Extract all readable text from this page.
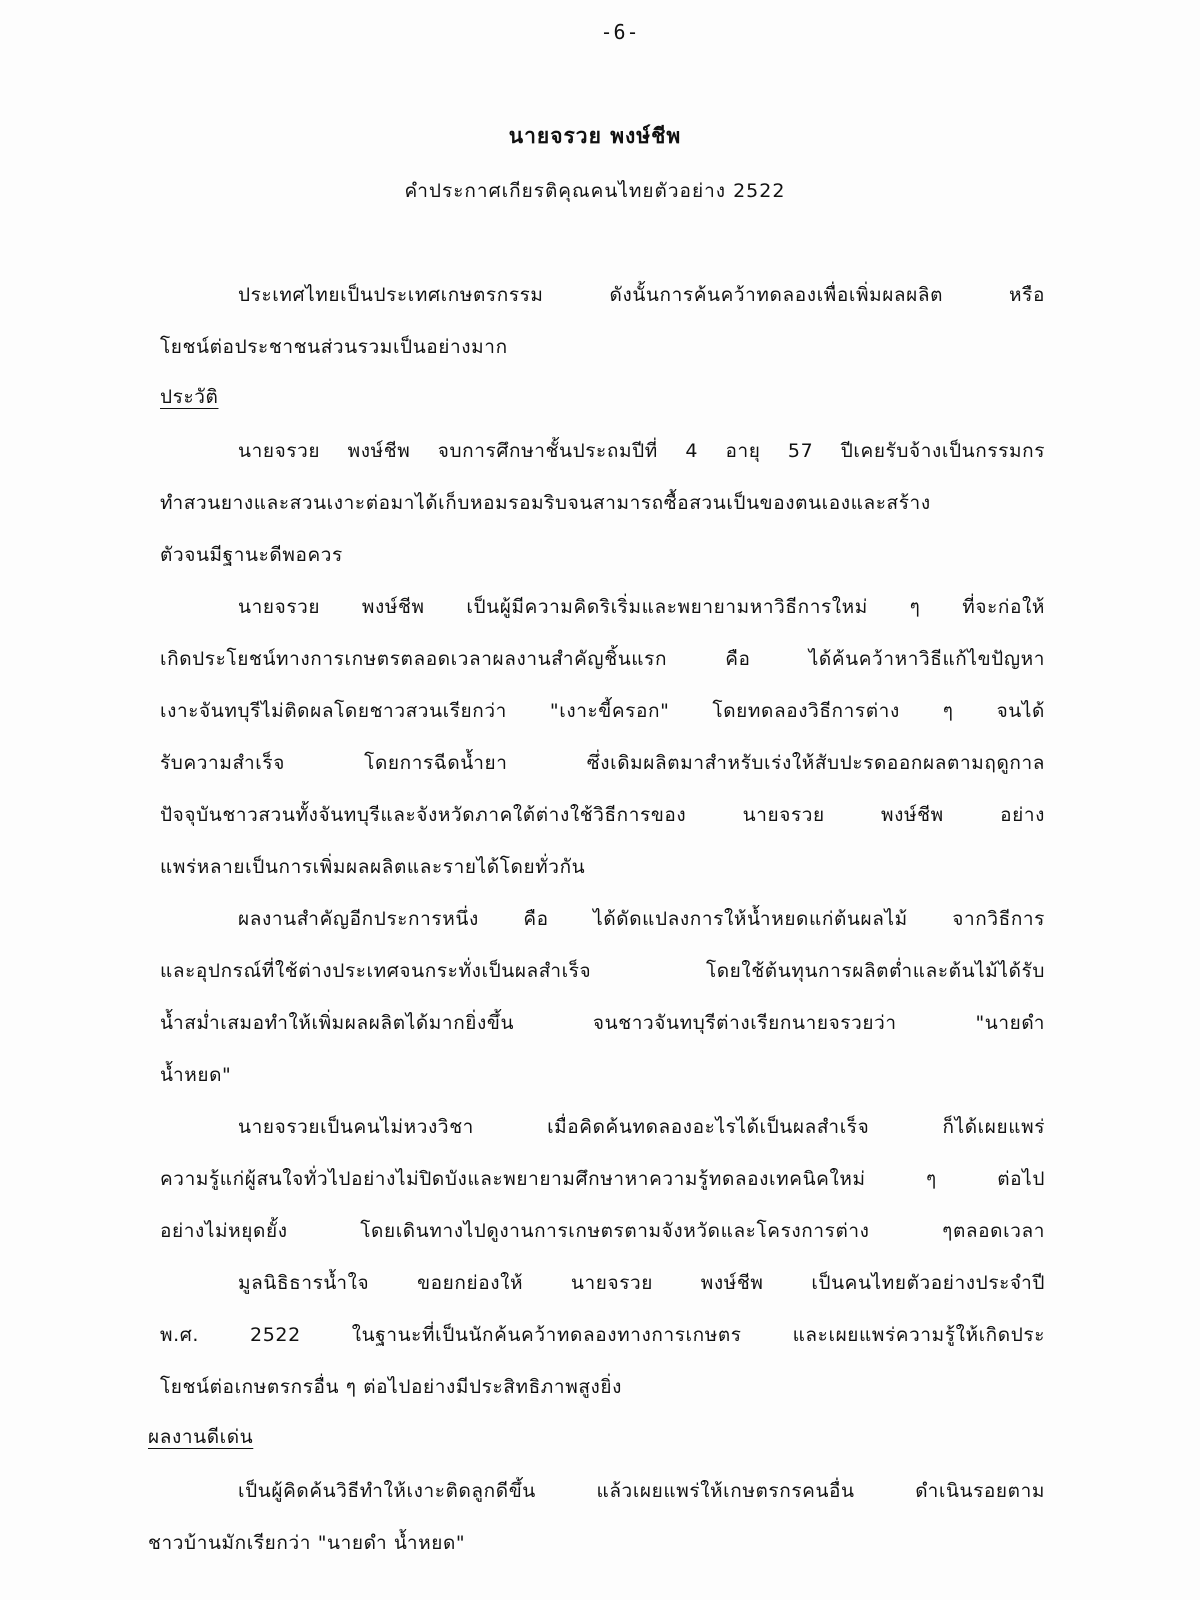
-6-
นายจรวย พงษ์ชีพ
คำประกาศเกียรติคุณคนไทยตัวอย่าง 2522
ประเทศไทยเป็นประเทศเกษตรกรรม ดังนั้นการค้นคว้าทดลองเพื่อเพิ่มผลผลิต หรือ
โยชน์ต่อประชาชนส่วนรวมเป็นอย่างมาก
ประวัติ
นายจรวย พงษ์ชีพ จบการศึกษาชั้นประถมปีที่ 4 อายุ 57 ปีเคยรับจ้างเป็นกรรมกร
ทำสวนยางและสวนเงาะต่อมาได้เก็บหอมรอมริบจนสามารถซื้อสวนเป็นของตนเองและสร้าง
ตัวจนมีฐานะดีพอควร
นายจรวย พงษ์ชีพ เป็นผู้มีความคิดริเริ่มและพยายามหาวิธีการใหม่ ๆ ที่จะก่อให้
เกิดประโยชน์ทางการเกษตรตลอดเวลาผลงานสำคัญชิ้นแรก คือ ได้ค้นคว้าหาวิธีแก้ไขปัญหา
เงาะจันทบุรีไม่ติดผลโดยชาวสวนเรียกว่า "เงาะขี้ครอก" โดยทดลองวิธีการต่าง ๆ จนได้
รับความสำเร็จ โดยการฉีดน้ำยา ซึ่งเดิมผลิตมาสำหรับเร่งให้สับปะรดออกผลตามฤดูกาล
ปัจจุบันชาวสวนทั้งจันทบุรีและจังหวัดภาคใต้ต่างใช้วิธีการของ นายจรวย พงษ์ชีพ อย่าง
แพร่หลายเป็นการเพิ่มผลผลิตและรายได้โดยทั่วกัน
ผลงานสำคัญอีกประการหนึ่ง คือ ได้ดัดแปลงการให้น้ำหยดแก่ต้นผลไม้ จากวิธีการ
และอุปกรณ์ที่ใช้ต่างประเทศจนกระทั่งเป็นผลสำเร็จ โดยใช้ต้นทุนการผลิตต่ำและต้นไม้ได้รับ
น้ำสม่ำเสมอทำให้เพิ่มผลผลิตได้มากยิ่งขึ้น จนชาวจันทบุรีต่างเรียกนายจรวยว่า "นายดำ
น้ำหยด"
นายจรวยเป็นคนไม่หวงวิชา เมื่อคิดค้นทดลองอะไรได้เป็นผลสำเร็จ ก็ได้เผยแพร่
ความรู้แก่ผู้สนใจทั่วไปอย่างไม่ปิดบังและพยายามศึกษาหาความรู้ทดลองเทคนิคใหม่ ๆ ต่อไป
อย่างไม่หยุดยั้ง โดยเดินทางไปดูงานการเกษตรตามจังหวัดและโครงการต่าง ๆตลอดเวลา
มูลนิธิธารน้ำใจ ขอยกย่องให้ นายจรวย พงษ์ชีพ เป็นคนไทยตัวอย่างประจำปี
พ.ศ. 2522 ในฐานะที่เป็นนักค้นคว้าทดลองทางการเกษตร และเผยแพร่ความรู้ให้เกิดประ
โยชน์ต่อเกษตรกรอื่น ๆ ต่อไปอย่างมีประสิทธิภาพสูงยิ่ง
ผลงานดีเด่น
เป็นผู้คิดค้นวิธีทำให้เงาะติดลูกดีขึ้น แล้วเผยแพร่ให้เกษตรกรคนอื่น ดำเนินรอยตาม
ชาวบ้านมักเรียกว่า "นายดำ น้ำหยด"
